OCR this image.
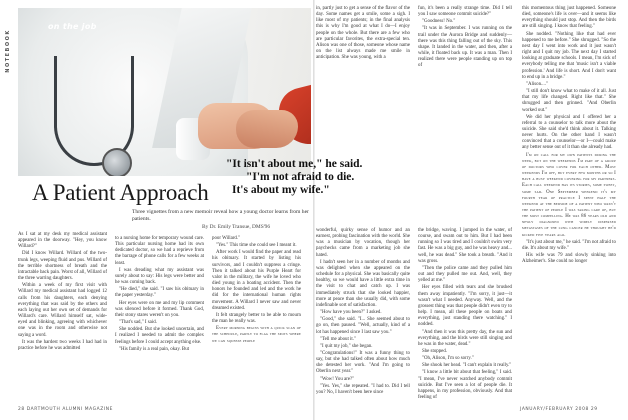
NOTEBOOK
on the job
A Patient Approach
Three vignettes from a new memoir reveal how a young doctor learns from her patients.
By Dr. Emily Transue, DMS'96

As I sat at my desk my medical assistant appeared in the doorway. "Hey, you know Willard?"

Did I know Willard. Willard of the two-trunk legs, weeping fluid and pus. Willard of the terrible shortness of breath and the intractable back pain. Worst of all, Willard of the three warring daughters.

Within a week of my first visit with Willard my medical assistant had logged 12 calls from his daughters, each denying everything that was said by the others and each laying out her own set of demands for Willard's care. Willard himself sat, wide-eyed and blinking, agreeing with whichever one was in the room and otherwise not saying a word.

It was the hardest two weeks I had had in practice before he was admitted

to a nursing home for temporary wound care. This particular nursing home had its own dedicated doctor, so we had a reprieve from the barrage of phone calls for a few weeks at least.

I was dreading what my assistant was surely about to say: His legs were better and he was coming back.

"He died," she said. "I saw his obituary in the paper yesterday."

Her eyes were on me and my lip comment was silenced before it formed. Thank God, their stony stares weren't on you.

"That's sad," I said.

She nodded. But she looked uncertain, and I realized I needed to admit the complex feelings before I could accept anything else.

"His family is a real pain, okay. But

poor Willard."

"Yes." This time she could see I meant it.

After work I would find the paper and read his obituary. It started by listing his survivors, and I couldn't suppress a cringe. Then it talked about his Purple Heart for valor in the military, the wife he loved who died young in a boating accident. Then the honors he founded and led and the work he did for the international human rights movement. A Willard I never saw and never dreamed existed.

It felt strangely better to be able to mourn the man he really was.

Every morning begins with a quick scan of the schedule, partly to flag the spots where we can squeeze people

28 DARTMOUTH ALUMNI MAGAZINE

in, partly just to get a sense of the flavor of the day. Some names get a smile, some a sigh. I like most of my patients; in the final analysis this is why I'm good at what I do—I enjoy people on the whole. But there are a few who are particular favorites, the extra-special ten. Alison was one of those, someone whose name on the list always made me smile in anticipation. She was young, with a

fun, it's been a really strange time. Did I tell you I saw someone commit suicide?"

"Goodness! No."

"It was in September. I was running on the trail under the Aurora Bridge and suddenly—there was this thing falling out of the sky. This shape. It landed in the water, and then, after a while, it floated back up. It was a man. Then I realized there were people standing up on top of

this momentous thing just happened. Someone died, someone's life is over—and it seems like everything should just stop. And then the birds are still singing. I know that feeling."

She nodded. "Nothing like that had ever happened to me before." She shrugged. "So the next day I went into work and it just wasn't right and I quit my job. The next day I started looking at graduate schools. I mean, I'm sick of everybody telling me that 'music isn't a viable profession.' And life is short. And I don't want to end up in a bridge."

"Alison...."

"I still don't know what to make of it all. Just that my life changed. Right like that." She shrugged and then grinned. "And Oberlin worked out."

We did her physical and I offered her a referral to a counselor to talk more about the suicide. She said she'd think about it. Talking never hurts. On the other hand I wasn't convinced that a counselor—or I—could make any better sense out of it than she already had.

I'm on call for my own patients during the week, but on the weekends I'm part of a group of doctors who cover for each other. Most weekends I'm off, but every few months or so I have a busy weekend covering for my partners. Each call weekend has its stories, some sweet, some sad. One September weekend it's my fourth year of practice I spent half the weekend at the bedside of a patient who wasn't the patient of people I was taking care of, but the most compelling. He was 86 years old and newly diagnosed with widely dispersed metastases of the lung cancer he thought he'd kicked five years ago.

"It's just about me," he said. "I'm not afraid to die. It's about my wife."

His wife was 79 and slowly sinking into Alzheimer's. She could no longer

wonderful, quirky sense of humor and an earnest, probing fascination with the world. She was a musician by vocation, though her paychecks came from a marketing job she hated.

I hadn't seen her in a number of months and was delighted when she appeared on the schedule for a physical. She was basically quite healthy, so we would have a little extra time in the visit to chat and catch up. I was immediately struck that she looked happier, more at peace than she usually did, with some indefinable sort of satisfaction.

"How have you been?" I asked.

"Good," she said. "I... She seemed about to go on, then paused. "Well, actually, kind of a lot has happened since I last saw you."

"Tell me about it."

"I quit my job," she began.

"Congratulations!" It was a funny thing to say, but she had talked often about how much she detested her work. "And I'm going to Oberlin next year."

"Wow! You are?"

"Yes. Yes," she repeated. "I had to. Did I tell you? No, I haven't been here since

the bridge, waving. I jumped in the water, of course, and swam out to him. But I had been running so I was tired and I couldn't swim very fast. He was a big guy, and he was heavy and... well, he was dead." She took a breath. "And it was gross.

"Then the police came and they pulled him out and they pulled me out. And, well, they yelled at me."

Her eyes filled with tears and she brushed them away impatiently. "I'm sorry, it just—it wasn't what I needed. Anyway. Well, and the grossest thing was that people didn't even try to help. I mean, all these people on boats and everything, just standing there watching." I nodded.

"And then it was this pretty day, the sun and everything, and the birds were still singing and he was in the water, dead."

She stopped.

"Oh, Alison, I'm so sorry."

She shook her head. "I can't explain it really."

"I know a little bit about that feeling," I said. "I mean, I've never watched anybody commit suicide. But I've seen a lot of people die. It happens, in my profession, obviously. And that feeling of

"It isn't about me," he said.
"I'm not afraid to die.
It's about my wife."
JANUARY/FEBRUARY 2008 29
